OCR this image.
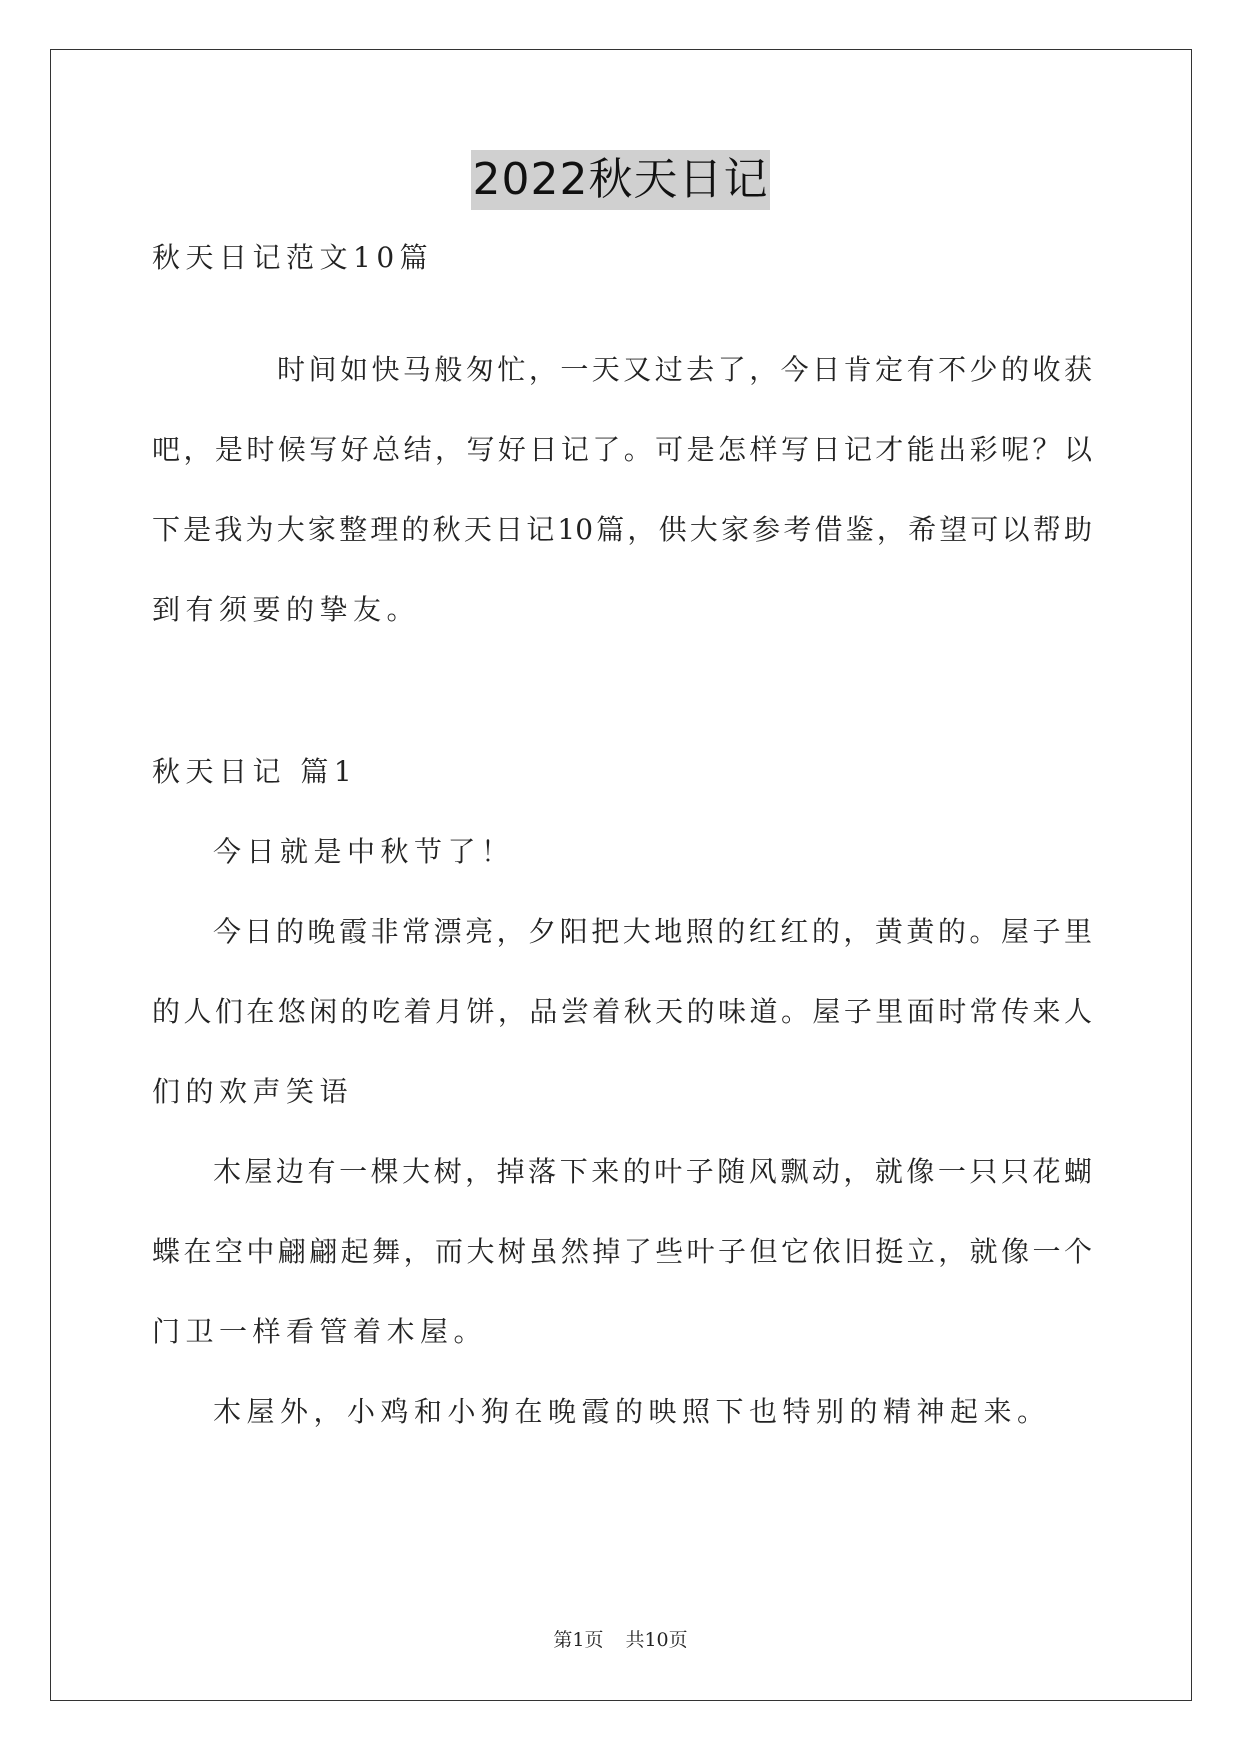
2022秋天日记
秋天日记范文10篇
时间如快马般匆忙，一天又过去了，今日肯定有不少的收获
吧，是时候写好总结，写好日记了。可是怎样写日记才能出彩呢？以
下是我为大家整理的秋天日记10篇，供大家参考借鉴，希望可以帮助
到有须要的挚友。
秋天日记 篇1
今日就是中秋节了！
今日的晚霞非常漂亮，夕阳把大地照的红红的，黄黄的。屋子里
的人们在悠闲的吃着月饼，品尝着秋天的味道。屋子里面时常传来人
们的欢声笑语
木屋边有一棵大树，掉落下来的叶子随风飘动，就像一只只花蝴
蝶在空中翩翩起舞，而大树虽然掉了些叶子但它依旧挺立，就像一个
门卫一样看管着木屋。
木屋外，小鸡和小狗在晚霞的映照下也特别的精神起来。
第1页 共10页
